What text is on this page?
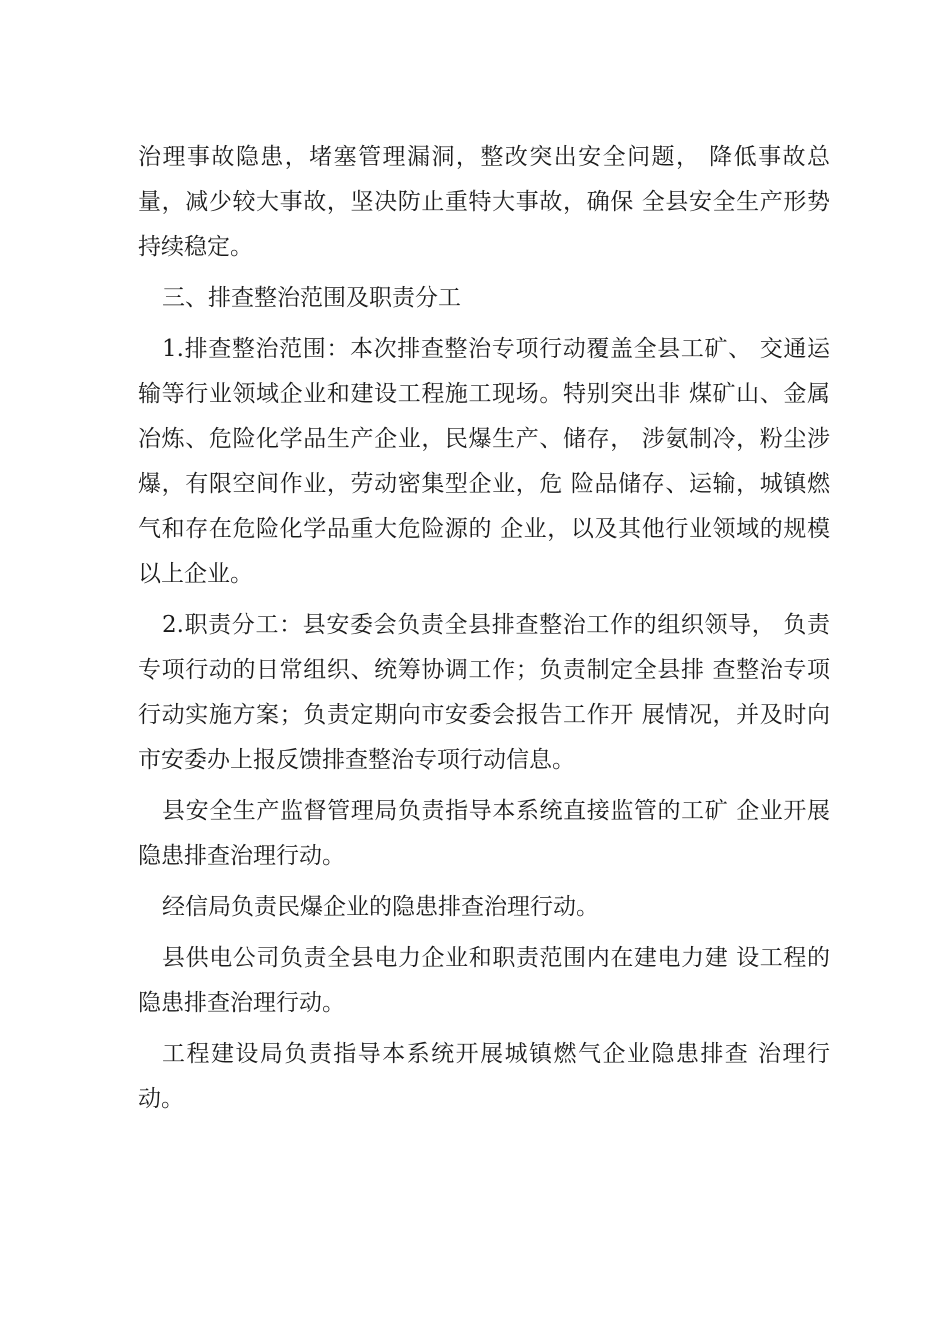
治理事故隐患，堵塞管理漏洞，整改突出安全问题， 降低事故总量，减少较大事故，坚决防止重特大事故，确保 全县安全生产形势持续稳定。

三、排查整治范围及职责分工

1.排查整治范围：本次排查整治专项行动覆盖全县工矿、 交通运输等行业领域企业和建设工程施工现场。特别突出非 煤矿山、金属冶炼、危险化学品生产企业，民爆生产、储存， 涉氨制冷，粉尘涉爆，有限空间作业，劳动密集型企业，危 险品储存、运输，城镇燃气和存在危险化学品重大危险源的 企业，以及其他行业领域的规模以上企业。

2.职责分工：县安委会负责全县排查整治工作的组织领导， 负责专项行动的日常组织、统筹协调工作；负责制定全县排 查整治专项行动实施方案；负责定期向市安委会报告工作开 展情况，并及时向市安委办上报反馈排查整治专项行动信息。

县安全生产监督管理局负责指导本系统直接监管的工矿 企业开展隐患排查治理行动。

经信局负责民爆企业的隐患排查治理行动。

县供电公司负责全县电力企业和职责范围内在建电力建 设工程的隐患排查治理行动。

工程建设局负责指导本系统开展城镇燃气企业隐患排查 治理行动。
